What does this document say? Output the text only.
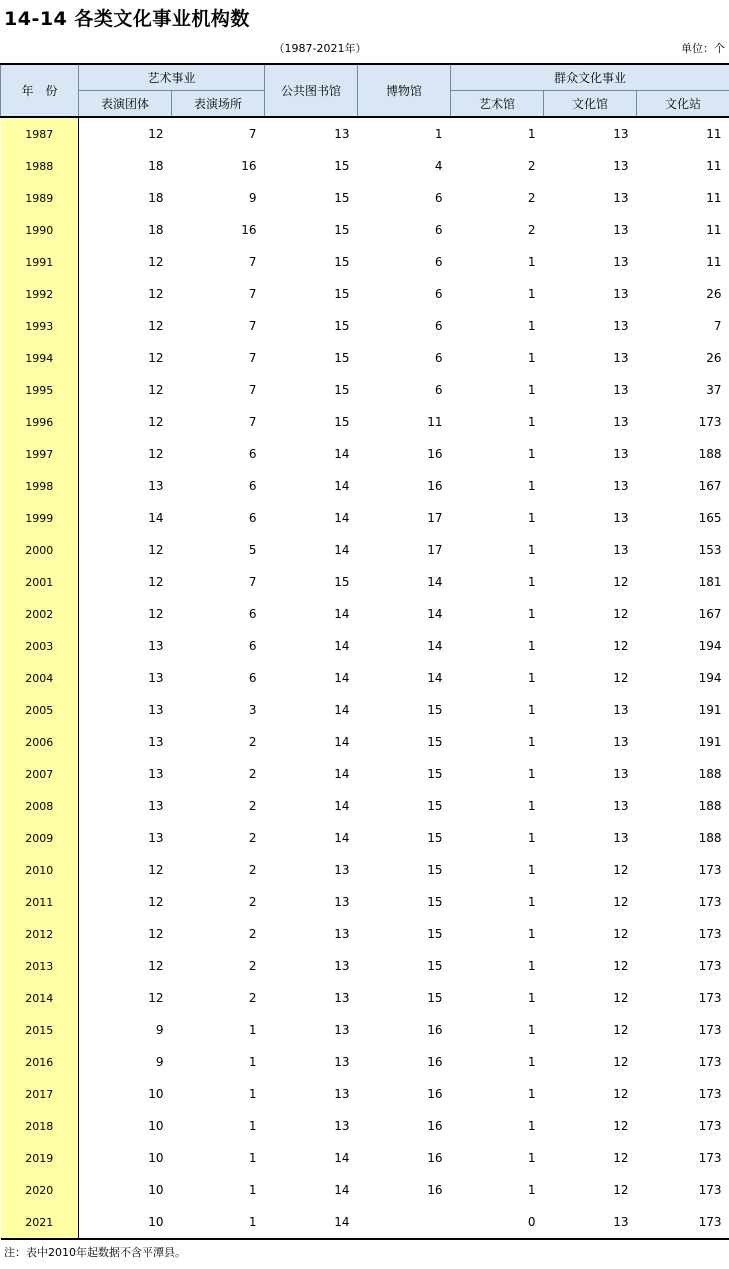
14-14 各类文化事业机构数
（1987-2021年）	单位：个
年　份	艺术事业		公共图书馆	博物馆	群众文化事业		
	表演团体	表演场所			艺术馆	文化馆	文化站
1987	12	7	13	1	1	13	11
1988	18	16	15	4	2	13	11
1989	18	9	15	6	2	13	11
1990	18	16	15	6	2	13	11
1991	12	7	15	6	1	13	11
1992	12	7	15	6	1	13	26
1993	12	7	15	6	1	13	7
1994	12	7	15	6	1	13	26
1995	12	7	15	6	1	13	37
1996	12	7	15	11	1	13	173
1997	12	6	14	16	1	13	188
1998	13	6	14	16	1	13	167
1999	14	6	14	17	1	13	165
2000	12	5	14	17	1	13	153
2001	12	7	15	14	1	12	181
2002	12	6	14	14	1	12	167
2003	13	6	14	14	1	12	194
2004	13	6	14	14	1	12	194
2005	13	3	14	15	1	13	191
2006	13	2	14	15	1	13	191
2007	13	2	14	15	1	13	188
2008	13	2	14	15	1	13	188
2009	13	2	14	15	1	13	188
2010	12	2	13	15	1	12	173
2011	12	2	13	15	1	12	173
2012	12	2	13	15	1	12	173
2013	12	2	13	15	1	12	173
2014	12	2	13	15	1	12	173
2015	9	1	13	16	1	12	173
2016	9	1	13	16	1	12	173
2017	10	1	13	16	1	12	173
2018	10	1	13	16	1	12	173
2019	10	1	14	16	1	12	173
2020	10	1	14	16	1	12	173
2021	10	1	14		0	13	173
注：表中2010年起数据不含平潭县。
